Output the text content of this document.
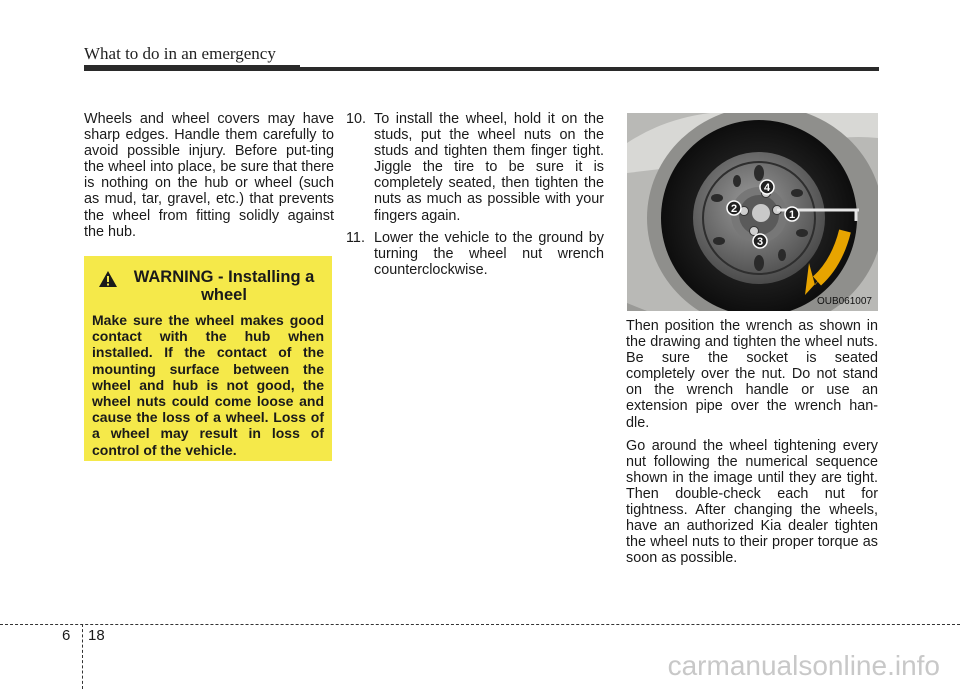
What to do in an emergency

Wheels and wheel covers may have sharp edges. Handle them carefully to avoid possible injury. Before put-ting the wheel into place, be sure that there is nothing on the hub or wheel (such as mud, tar, gravel, etc.) that prevents the wheel from fitting solidly against the hub.

WARNING - Installing a
wheel
Make sure the wheel makes good contact with the hub when installed. If the contact of the mounting surface between the wheel and hub is not good, the wheel nuts could come loose and cause the loss of a wheel. Loss of a wheel may result in loss of control of the vehicle.
10. To install the wheel, hold it on the studs, put the wheel nuts on the studs and tighten them finger tight. Jiggle the tire to be sure it is completely seated, then tighten the nuts as much as possible with your fingers again.
11. Lower the vehicle to the ground by turning the wheel nut wrench counterclockwise.
1
2
3
4
OUB061007

Then position the wrench as shown in the drawing and tighten the wheel nuts. Be sure the socket is seated completely over the nut. Do not stand on the wrench handle or use an extension pipe over the wrench han-dle.

Go around the wheel tightening every nut following the numerical sequence shown in the image until they are tight. Then double-check each nut for tightness. After changing the wheels, have an authorized Kia dealer tighten the wheel nuts to their proper torque as soon as possible.

6 18
carmanualsonline.info
